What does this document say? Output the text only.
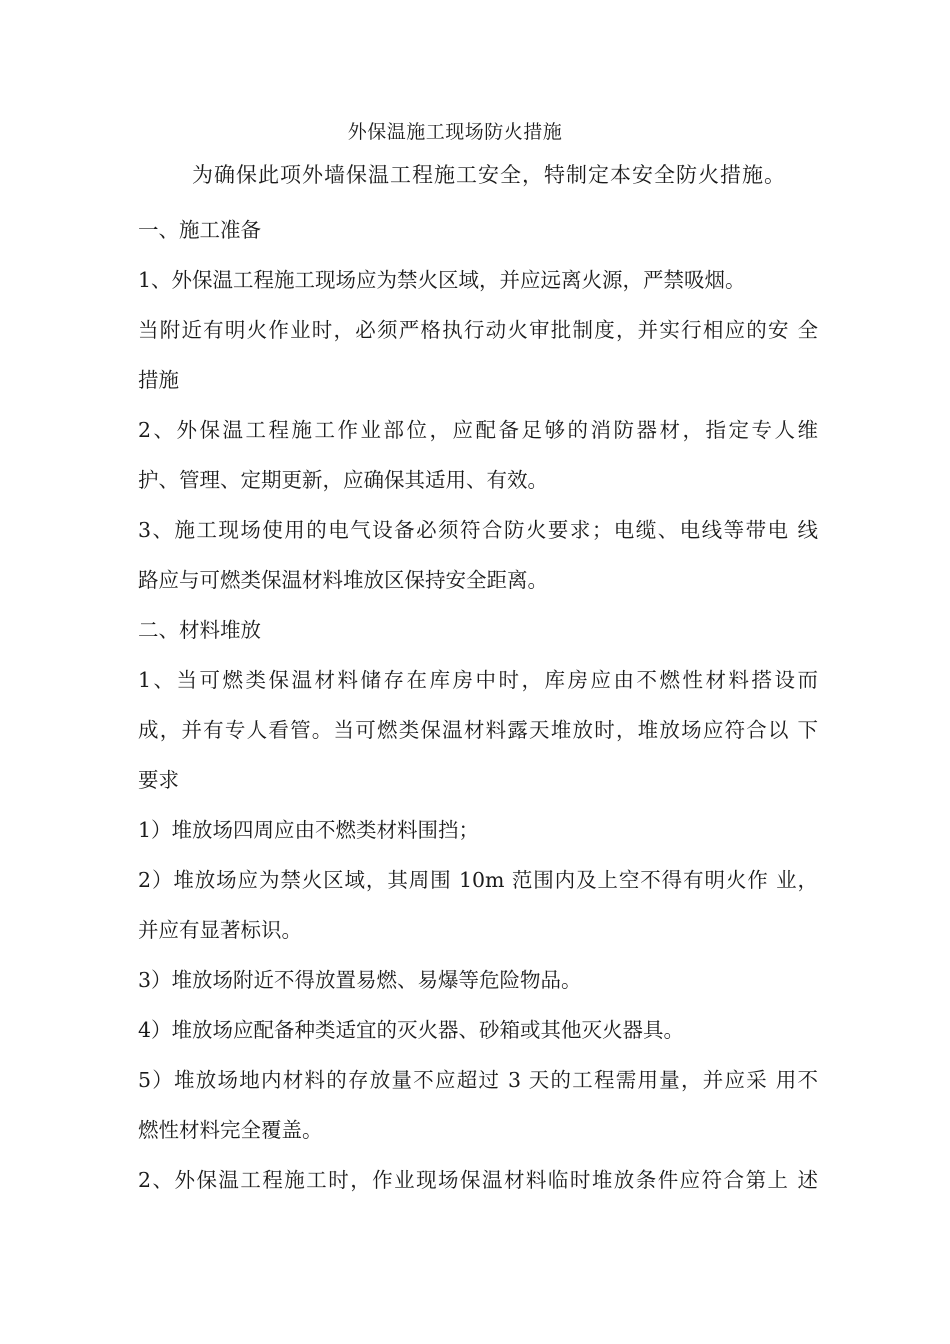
外保温施工现场防火措施
为确保此项外墙保温工程施工安全，特制定本安全防火措施。
一、施工准备
1、外保温工程施工现场应为禁火区域，并应远离火源，严禁吸烟。
当附近有明火作业时，必须严格执行动火审批制度，并实行相应的安 全
措施
2、外保温工程施工作业部位，应配备足够的消防器材，指定专人维
护、管理、定期更新，应确保其适用、有效。
3、施工现场使用的电气设备必须符合防火要求；电缆、电线等带电 线
路应与可燃类保温材料堆放区保持安全距离。
二、材料堆放
1、当可燃类保温材料储存在库房中时，库房应由不燃性材料搭设而
成，并有专人看管。当可燃类保温材料露天堆放时，堆放场应符合以 下
要求
1）堆放场四周应由不燃类材料围挡；
2）堆放场应为禁火区域，其周围 10m 范围内及上空不得有明火作 业，
并应有显著标识。
3）堆放场附近不得放置易燃、易爆等危险物品。
4）堆放场应配备种类适宜的灭火器、砂箱或其他灭火器具。
5）堆放场地内材料的存放量不应超过 3 天的工程需用量，并应采 用不
燃性材料完全覆盖。
2、外保温工程施工时，作业现场保温材料临时堆放条件应符合第上 述
